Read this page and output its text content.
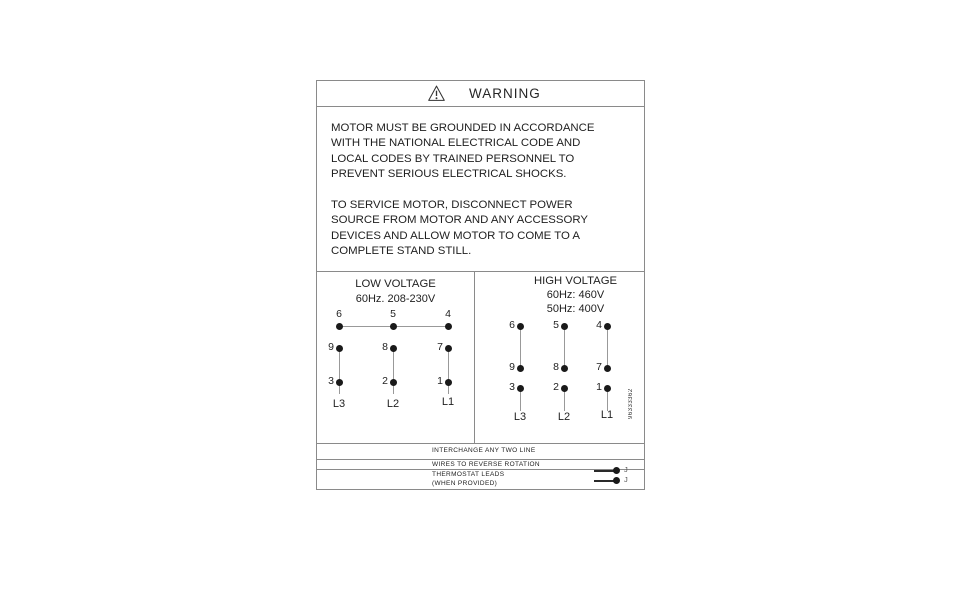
WARNING
MOTOR MUST BE GROUNDED IN ACCORDANCE
WITH THE NATIONAL ELECTRICAL CODE AND
LOCAL CODES BY TRAINED PERSONNEL TO
PREVENT SERIOUS ELECTRICAL SHOCKS.
TO SERVICE MOTOR, DISCONNECT POWER
SOURCE FROM MOTOR AND ANY ACCESSORY
DEVICES AND ALLOW MOTOR TO COME TO A
COMPLETE STAND STILL.
LOW VOLTAGE
60Hz. 208-230V
6	5	4
9	8	7
3	2	1
L3	L2	L1
HIGH VOLTAGE
60Hz: 460V
50Hz: 400V
6	5	4
9	8	7
3	2	1
L3	L2	L1	96333362
INTERCHANGE ANY TWO LINE
WIRES TO REVERSE ROTATION
THERMOSTAT LEADS
(WHEN PROVIDED)
J
J
